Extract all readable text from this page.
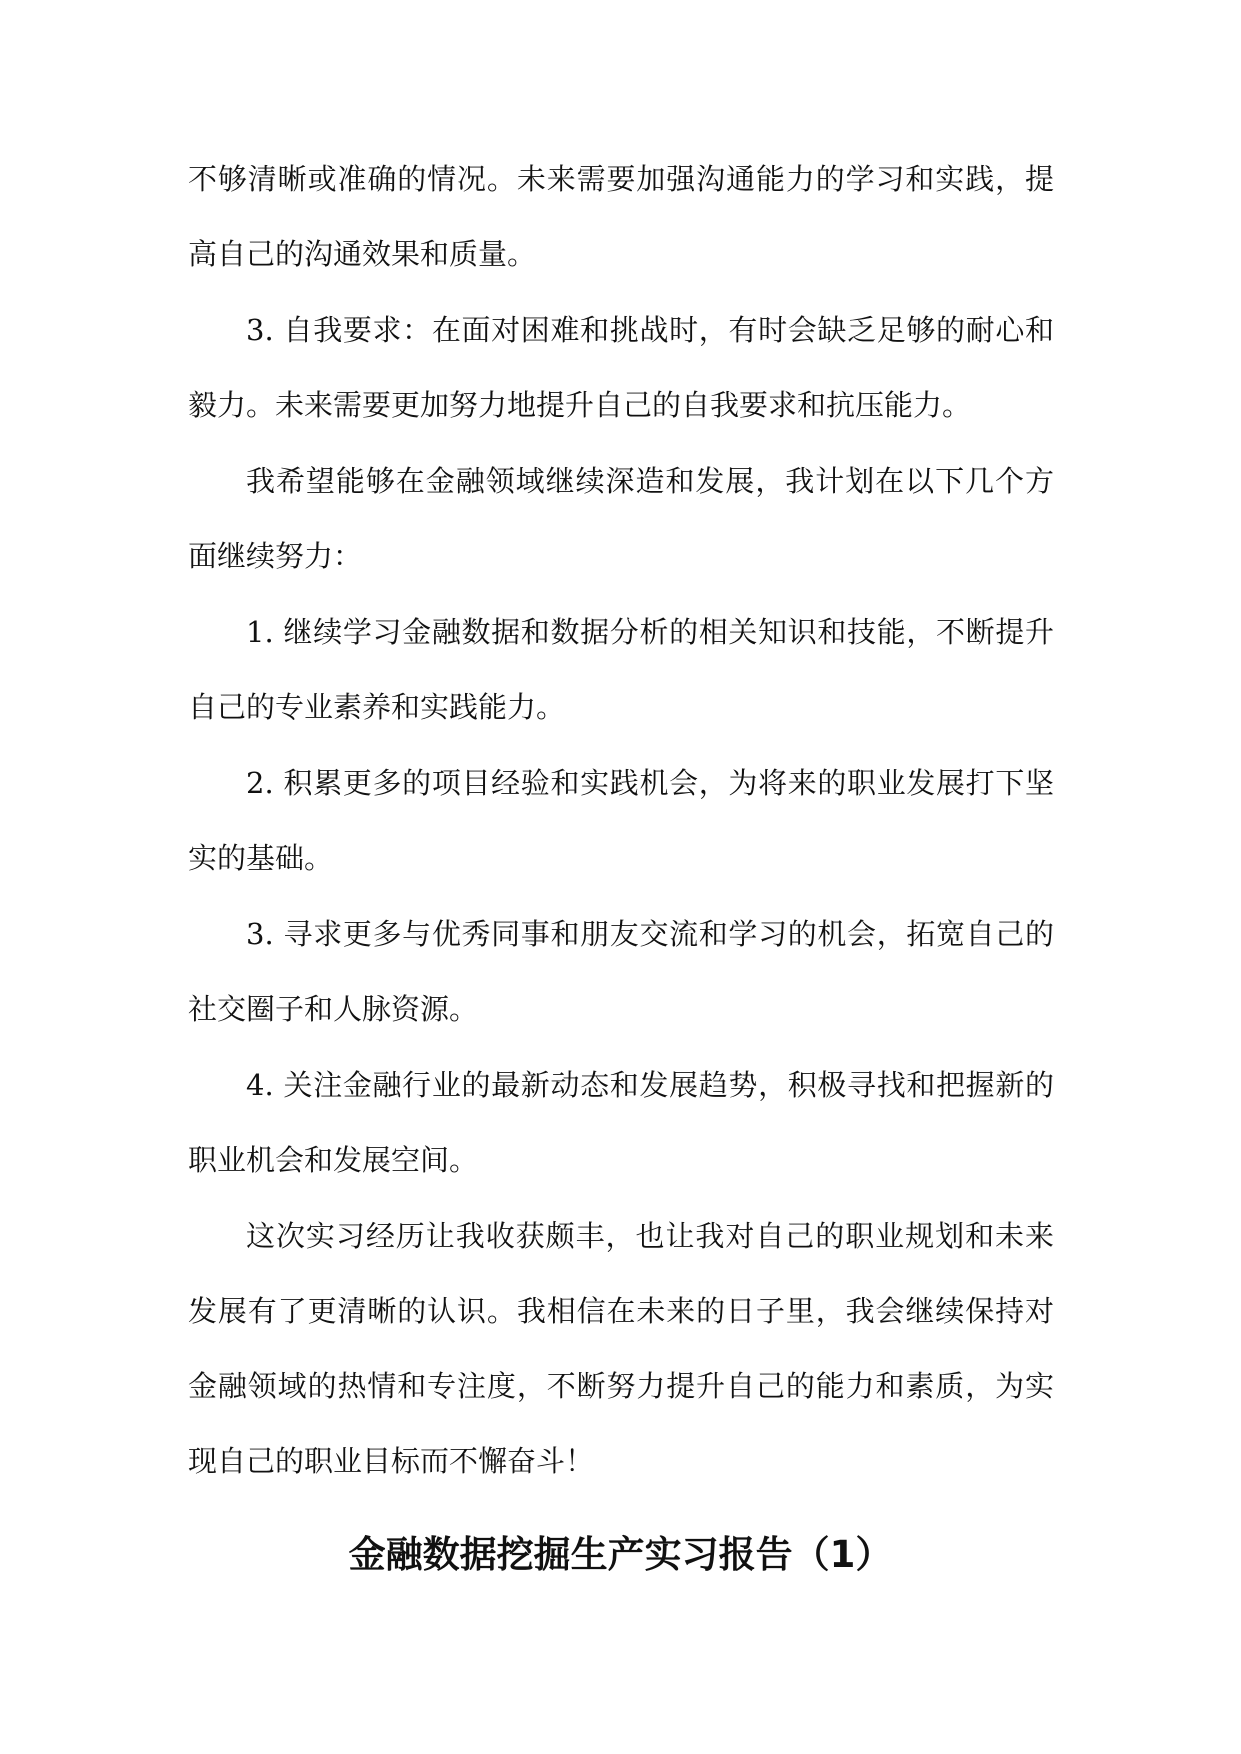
不够清晰或准确的情况。未来需要加强沟通能力的学习和实践，提高自己的沟通效果和质量。

3. 自我要求：在面对困难和挑战时，有时会缺乏足够的耐心和毅力。未来需要更加努力地提升自己的自我要求和抗压能力。

我希望能够在金融领域继续深造和发展，我计划在以下几个方面继续努力：

1. 继续学习金融数据和数据分析的相关知识和技能，不断提升自己的专业素养和实践能力。

2. 积累更多的项目经验和实践机会，为将来的职业发展打下坚实的基础。

3. 寻求更多与优秀同事和朋友交流和学习的机会，拓宽自己的社交圈子和人脉资源。

4. 关注金融行业的最新动态和发展趋势，积极寻找和把握新的职业机会和发展空间。

这次实习经历让我收获颇丰，也让我对自己的职业规划和未来发展有了更清晰的认识。我相信在未来的日子里，我会继续保持对金融领域的热情和专注度，不断努力提升自己的能力和素质，为实现自己的职业目标而不懈奋斗！

金融数据挖掘生产实习报告（1）
